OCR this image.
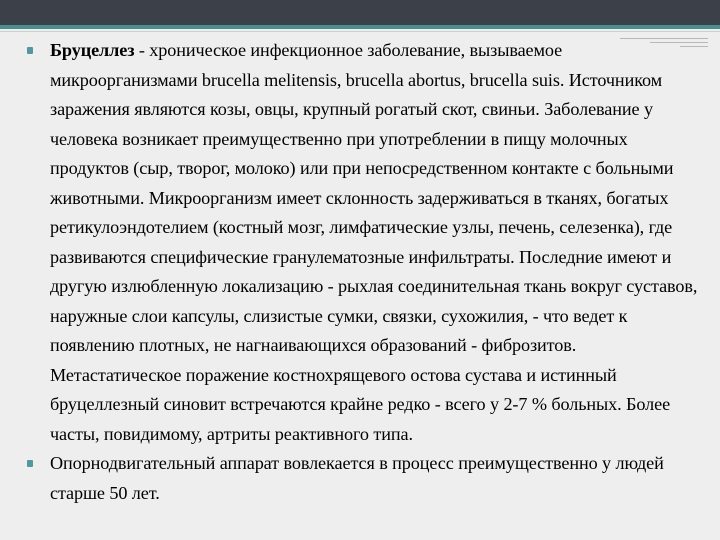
Бруцеллез - хроническое инфекционное заболевание, вызываемое микроорганизмами brucella melitensis, brucella abortus, brucella suis. Источником заражения являются козы, овцы, крупный рогатый скот, свиньи. Заболевание у человека возникает преимущественно при употреблении в пищу молочных продуктов (сыр, творог, молоко) или при непосредственном контакте с больными животными. Микроорганизм имеет склонность задерживаться в тканях, богатых ретикулоэндотелием (костный мозг, лимфатические узлы, печень, селезенка), где развиваются специфические гранулематозные инфильтраты. Последние имеют и другую излюбленную локализацию - рыхлая соединительная ткань вокруг суставов, наружные слои капсулы, слизистые сумки, связки, сухожилия, - что ведет к появлению плотных, не нагнаивающихся образований - фиброзитов. Метастатическое поражение костнохрящевого остова сустава и истинный бруцеллезный синовит встречаются крайне редко - всего у 2-7 % больных. Более часты, повидимому, артриты реактивного типа.
Опорнодвигательный аппарат вовлекается в процесс преимущественно у людей старше 50 лет.
